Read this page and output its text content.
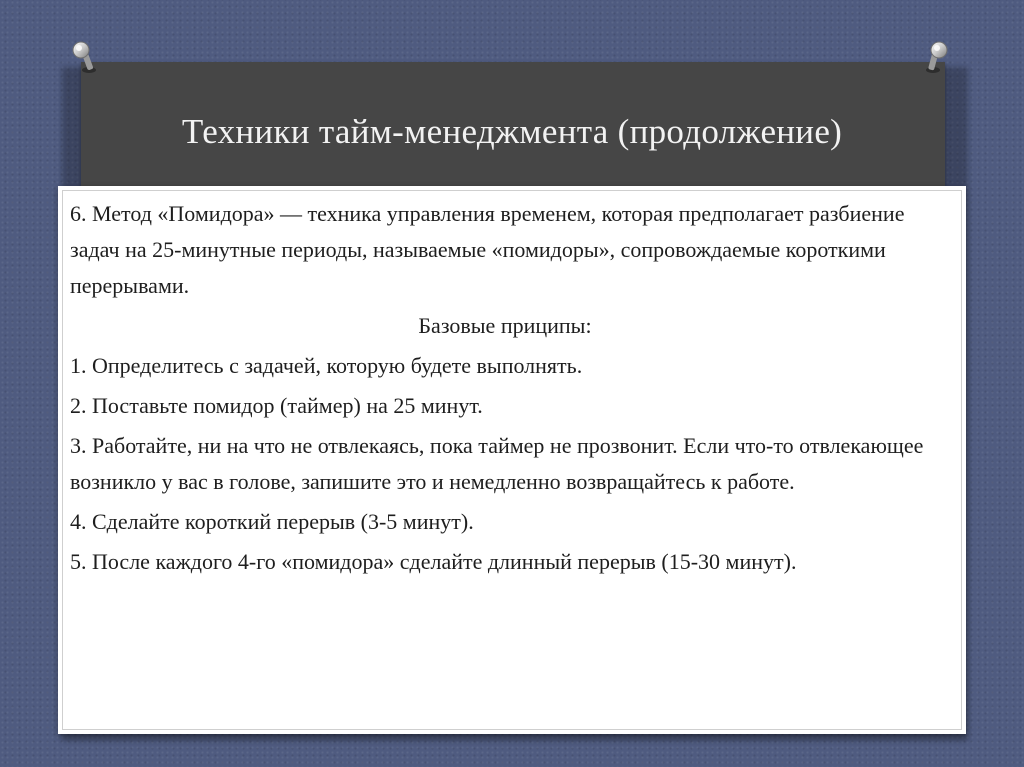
Техники тайм-менеджмента (продолжение)

6. Метод «Помидора» — техника управления временем, которая предполагает разбиение задач на 25-минутные периоды, называемые «помидоры», сопровождаемые короткими перерывами.

Базовые приципы:

1. Определитесь с задачей, которую будете выполнять.

2. Поставьте помидор (таймер) на 25 минут.

3. Работайте, ни на что не отвлекаясь, пока таймер не прозвонит. Если что-то отвлекающее возникло у вас в голове, запишите это и немедленно возвращайтесь к работе.

4. Сделайте короткий перерыв (3-5 минут).

5. После каждого 4-го «помидора» сделайте длинный перерыв (15-30 минут).
